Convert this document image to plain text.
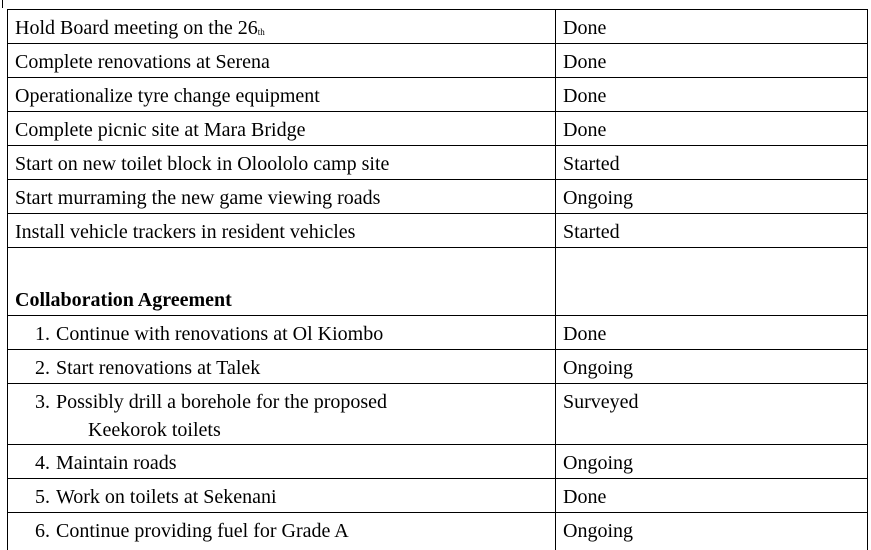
Hold Board meeting on the 26th	Done
Complete renovations at Serena	Done
Operationalize tyre change equipment	Done
Complete picnic site at Mara Bridge	Done
Start on new toilet block in Oloololo camp site	Started
Start murraming the new game viewing roads	Ongoing
Install vehicle trackers in resident vehicles	Started
Collaboration Agreement	
1. Continue with renovations at Ol Kiombo	Done
2. Start renovations at Talek	Ongoing
3. Possibly drill a borehole for the proposed
Keekorok toilets	Surveyed
4. Maintain roads	Ongoing
5. Work on toilets at Sekenani	Done
6. Continue providing fuel for Grade A	Ongoing
